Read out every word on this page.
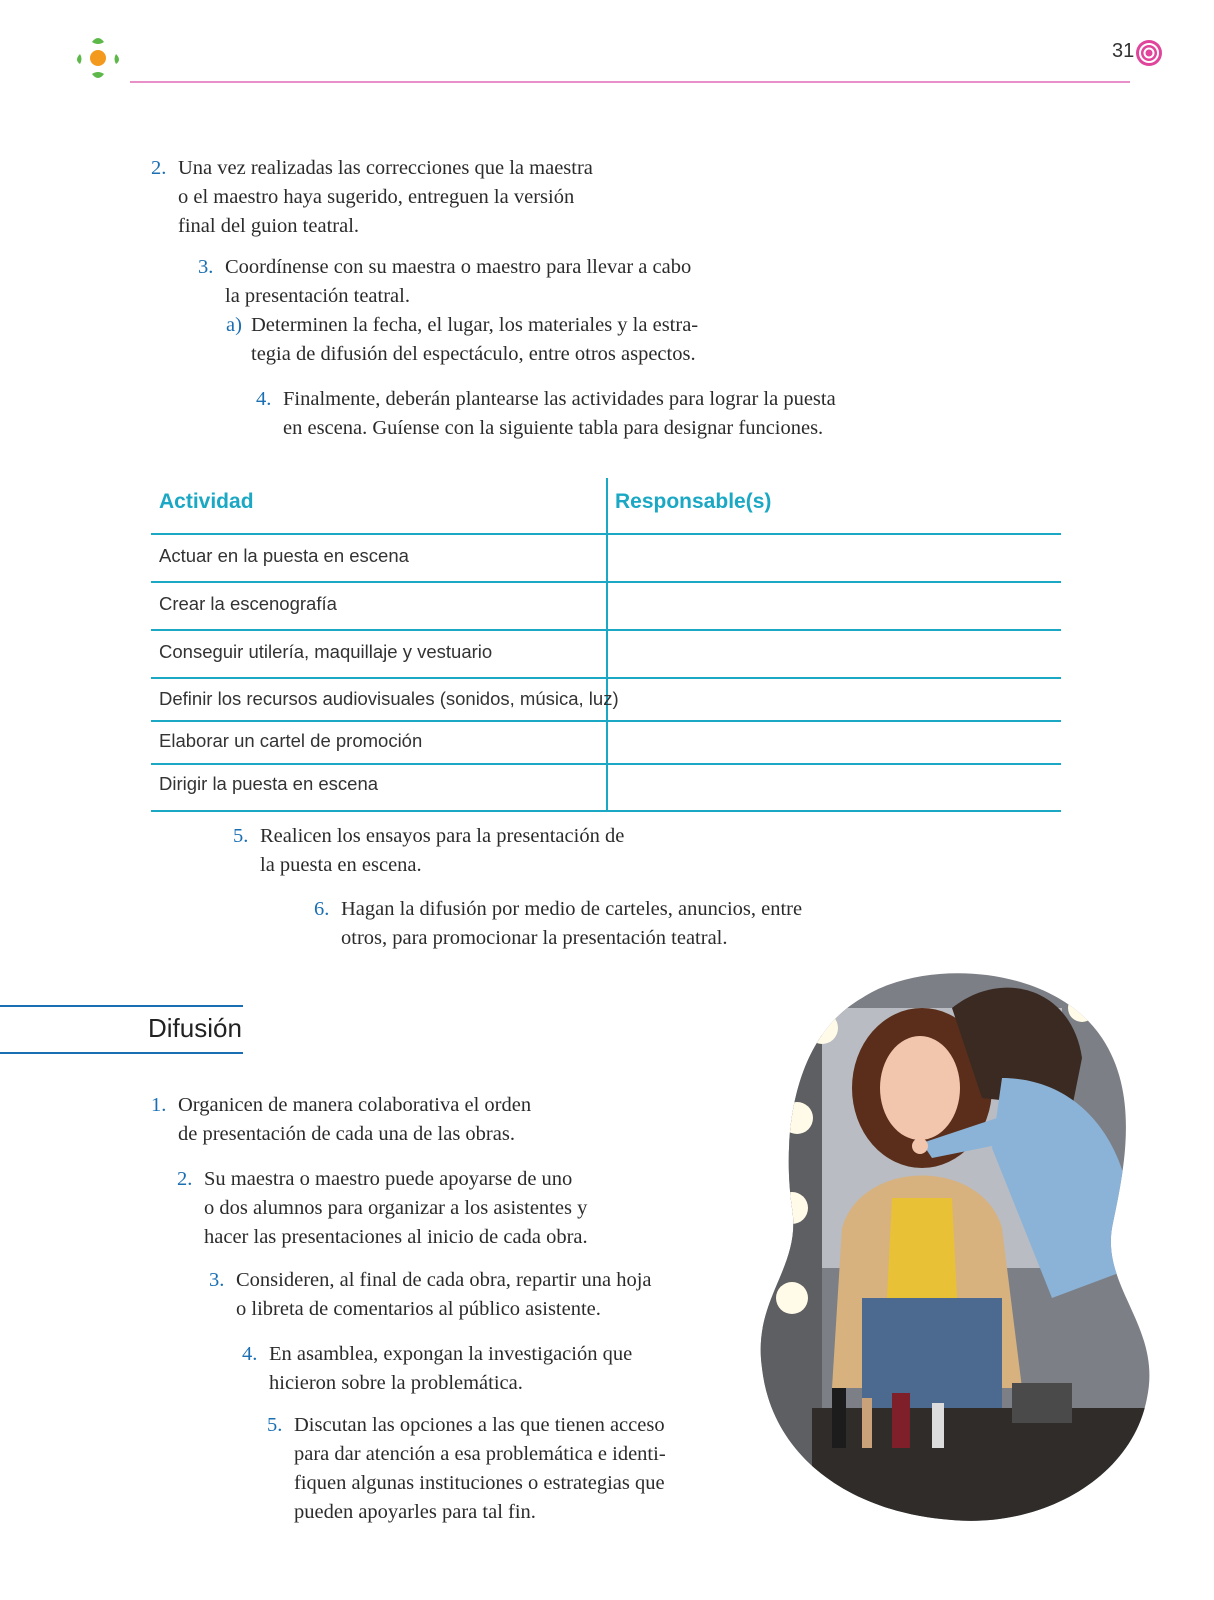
31
2. Una vez realizadas las correcciones que la maestra
o el maestro haya sugerido, entreguen la versión
final del guion teatral.
3. Coordínense con su maestra o maestro para llevar a cabo
la presentación teatral.
a) Determinen la fecha, el lugar, los materiales y la estra-
tegia de difusión del espectáculo, entre otros aspectos.
4. Finalmente, deberán plantearse las actividades para lograr la puesta
en escena. Guíense con la siguiente tabla para designar funciones.
Actividad	Responsable(s)
Actuar en la puesta en escena
Crear la escenografía
Conseguir utilería, maquillaje y vestuario
Definir los recursos audiovisuales (sonidos, música, luz)
Elaborar un cartel de promoción
Dirigir la puesta en escena
5. Realicen los ensayos para la presentación de
la puesta en escena.
6. Hagan la difusión por medio de carteles, anuncios, entre
otros, para promocionar la presentación teatral.
Difusión
1. Organicen de manera colaborativa el orden
de presentación de cada una de las obras.
2. Su maestra o maestro puede apoyarse de uno
o dos alumnos para organizar a los asistentes y
hacer las presentaciones al inicio de cada obra.
3. Consideren, al final de cada obra, repartir una hoja
o libreta de comentarios al público asistente.
4. En asamblea, expongan la investigación que
hicieron sobre la problemática.
5. Discutan las opciones a las que tienen acceso
para dar atención a esa problemática e identi-
fiquen algunas instituciones o estrategias que
pueden apoyarles para tal fin.
